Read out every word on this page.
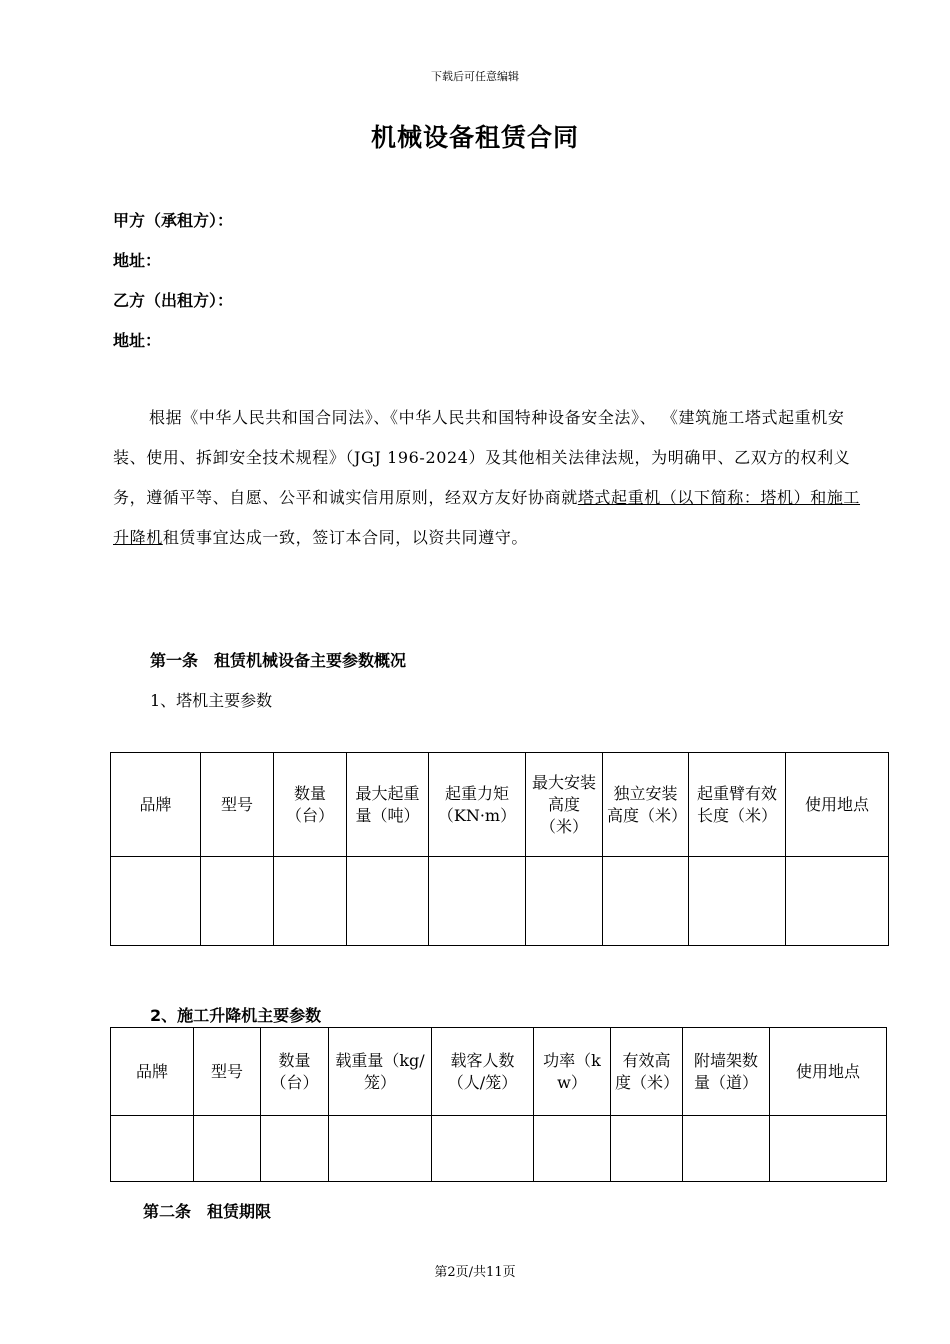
下载后可任意编辑
机械设备租赁合同
甲方（承租方）：
地址：
乙方（出租方）：
地址：
根据《中华人民共和国合同法》、《中华人民共和国特种设备安全法》、 《建筑施工塔式起重机安装、使用、拆卸安全技术规程》（JGJ 196-2024）及其他相关法律法规，为明确甲、乙双方的权利义务，遵循平等、自愿、公平和诚实信用原则，经双方友好协商就塔式起重机（以下简称：塔机）和施工升降机租赁事宜达成一致，签订本合同，以资共同遵守。
第一条　租赁机械设备主要参数概况
1、塔机主要参数
品牌	型号	数量（台）	最大起重量（吨）	起重力矩（KN·m）	最大安装高度（米）	独立安装高度（米）	起重臂有效长度（米）	使用地点

2、施工升降机主要参数
品牌	型号	数量（台）	载重量（kg/笼）	载客人数（人/笼）	功率（kw）	有效高度（米）	附墙架数量（道）	使用地点

第二条　租赁期限
第2页/共11页
